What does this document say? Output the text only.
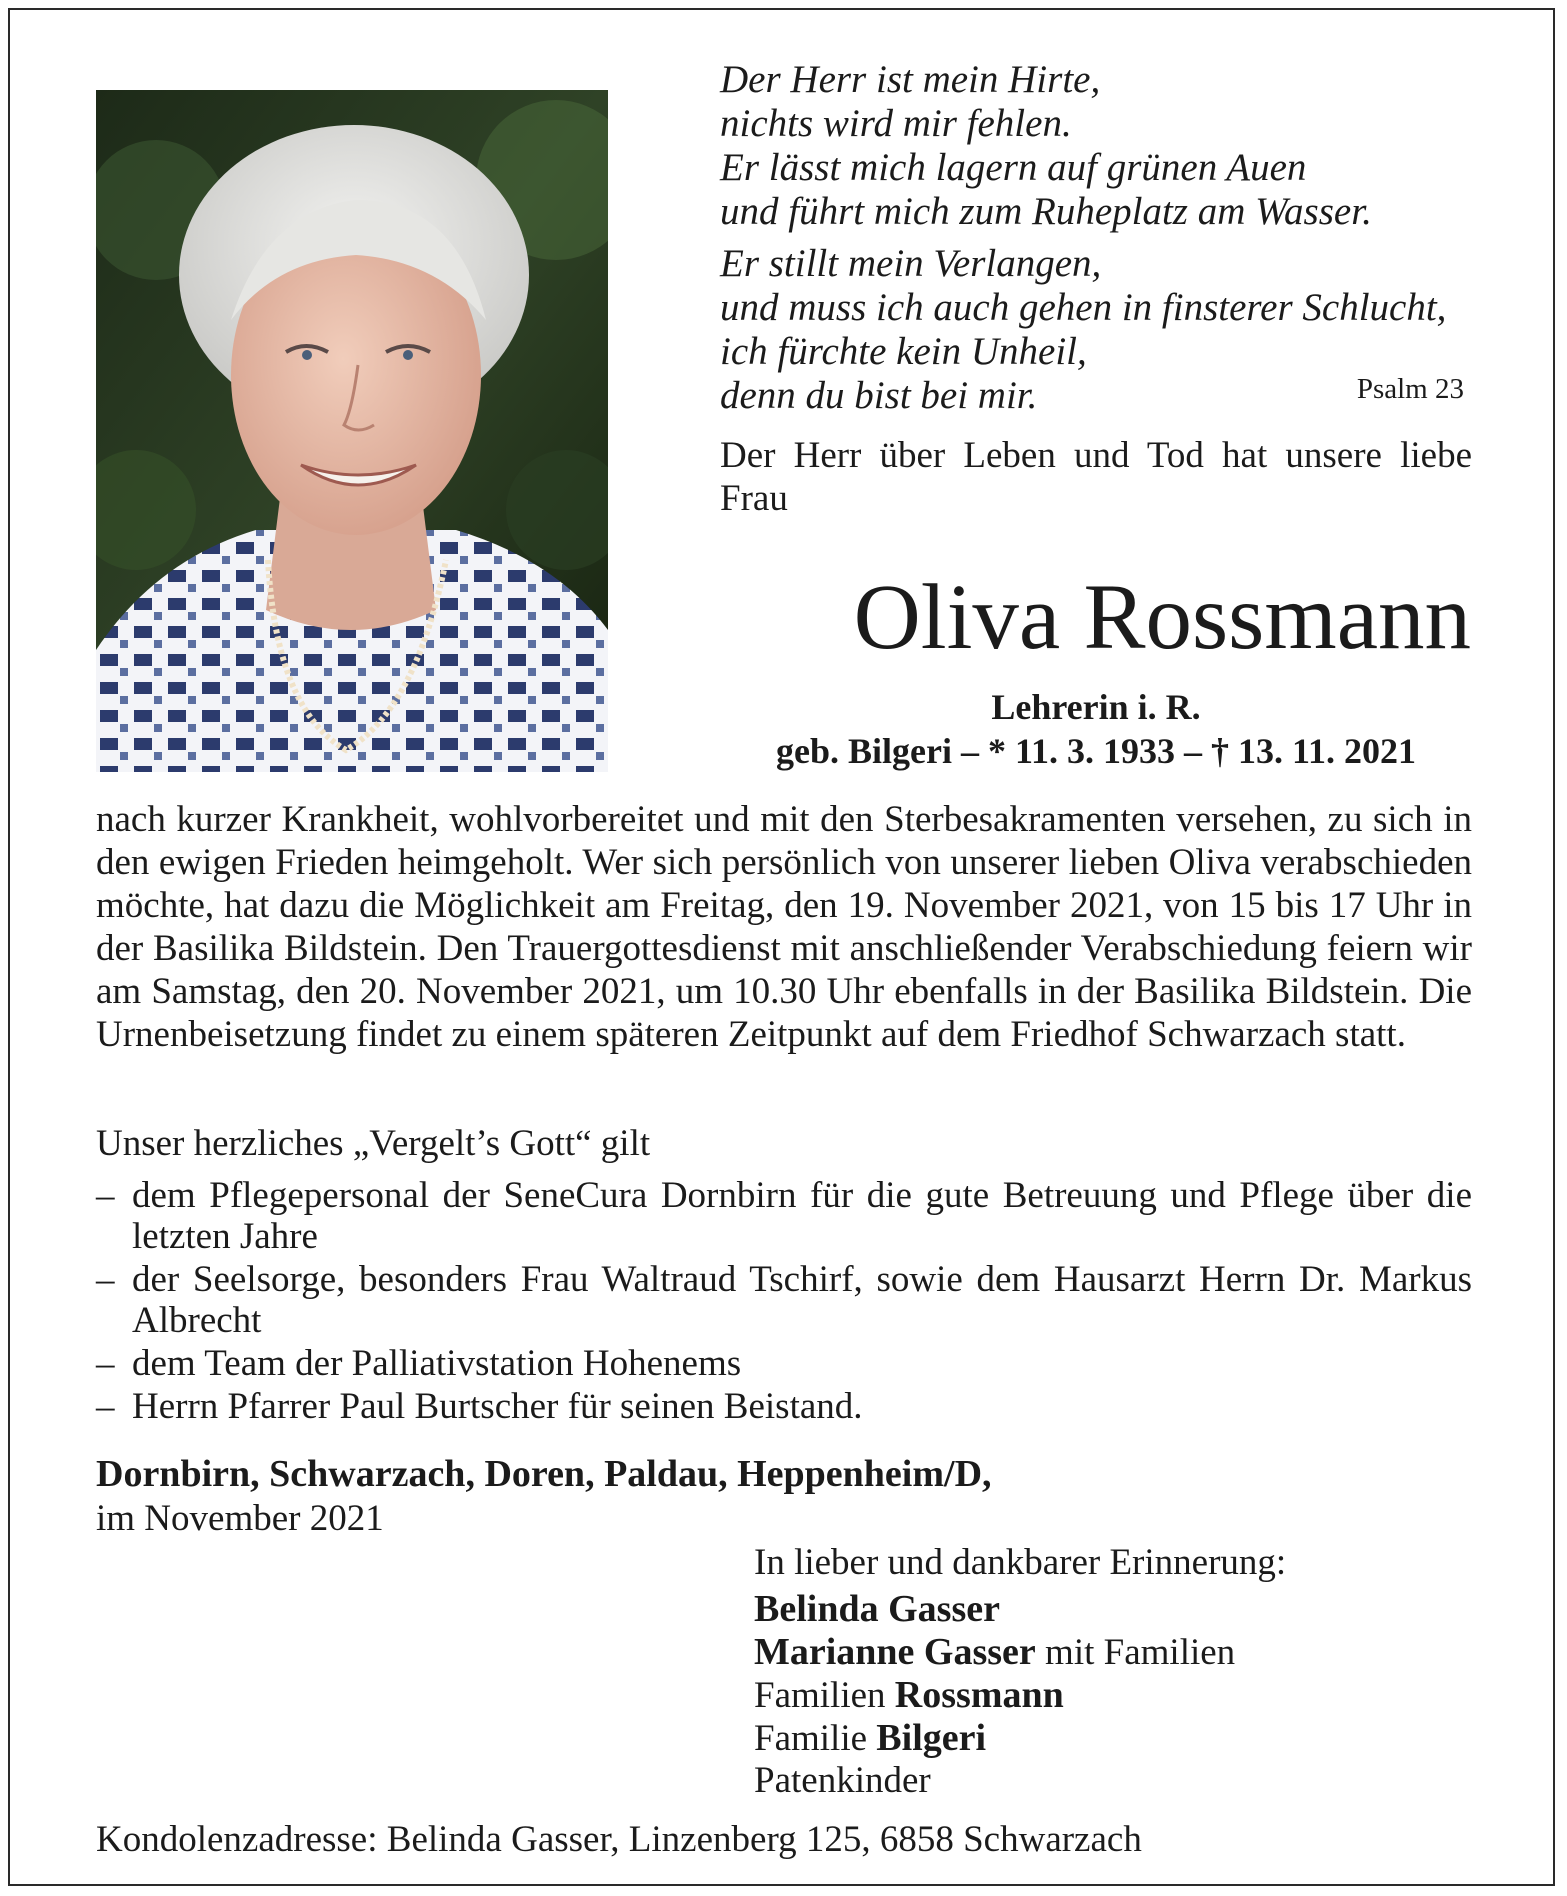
Der Herr ist mein Hirte,
nichts wird mir fehlen.
Er lässt mich lagern auf grünen Auen
und führt mich zum Ruheplatz am Wasser.
Er stillt mein Verlangen,
und muss ich auch gehen in finsterer Schlucht,
ich fürchte kein Unheil,
denn du bist bei mir.	Psalm 23
Der Herr über Leben und Tod hat unsere liebe Frau
Oliva Rossmann
Lehrerin i. R.
geb. Bilgeri – * 11. 3. 1933 – † 13. 11. 2021
nach kurzer Krankheit, wohlvorbereitet und mit den Sterbesakramenten versehen, zu sich in den ewigen Frieden heimgeholt. Wer sich persönlich von unserer lieben Oliva verabschieden möchte, hat dazu die Möglichkeit am Freitag, den 19. November 2021, von 15 bis 17 Uhr in der Basilika Bildstein. Den Trauergottesdienst mit anschließender Verabschiedung feiern wir am Samstag, den 20. November 2021, um 10.30 Uhr ebenfalls in der Basilika Bildstein. Die Urnenbeisetzung findet zu einem späteren Zeitpunkt auf dem Friedhof Schwarzach statt.
Unser herzliches „Vergelt’s Gott“ gilt
– dem Pflegepersonal der SeneCura Dornbirn für die gute Betreuung und Pflege über die letzten Jahre
– der Seelsorge, besonders Frau Waltraud Tschirf, sowie dem Hausarzt Herrn Dr. Markus Albrecht
– dem Team der Palliativstation Hohenems
– Herrn Pfarrer Paul Burtscher für seinen Beistand.
Dornbirn, Schwarzach, Doren, Paldau, Heppenheim/D,
im November 2021
In lieber und dankbarer Erinnerung:
Belinda Gasser
Marianne Gasser mit Familien
Familien Rossmann
Familie Bilgeri
Patenkinder
Kondolenzadresse: Belinda Gasser, Linzenberg 125, 6858 Schwarzach
